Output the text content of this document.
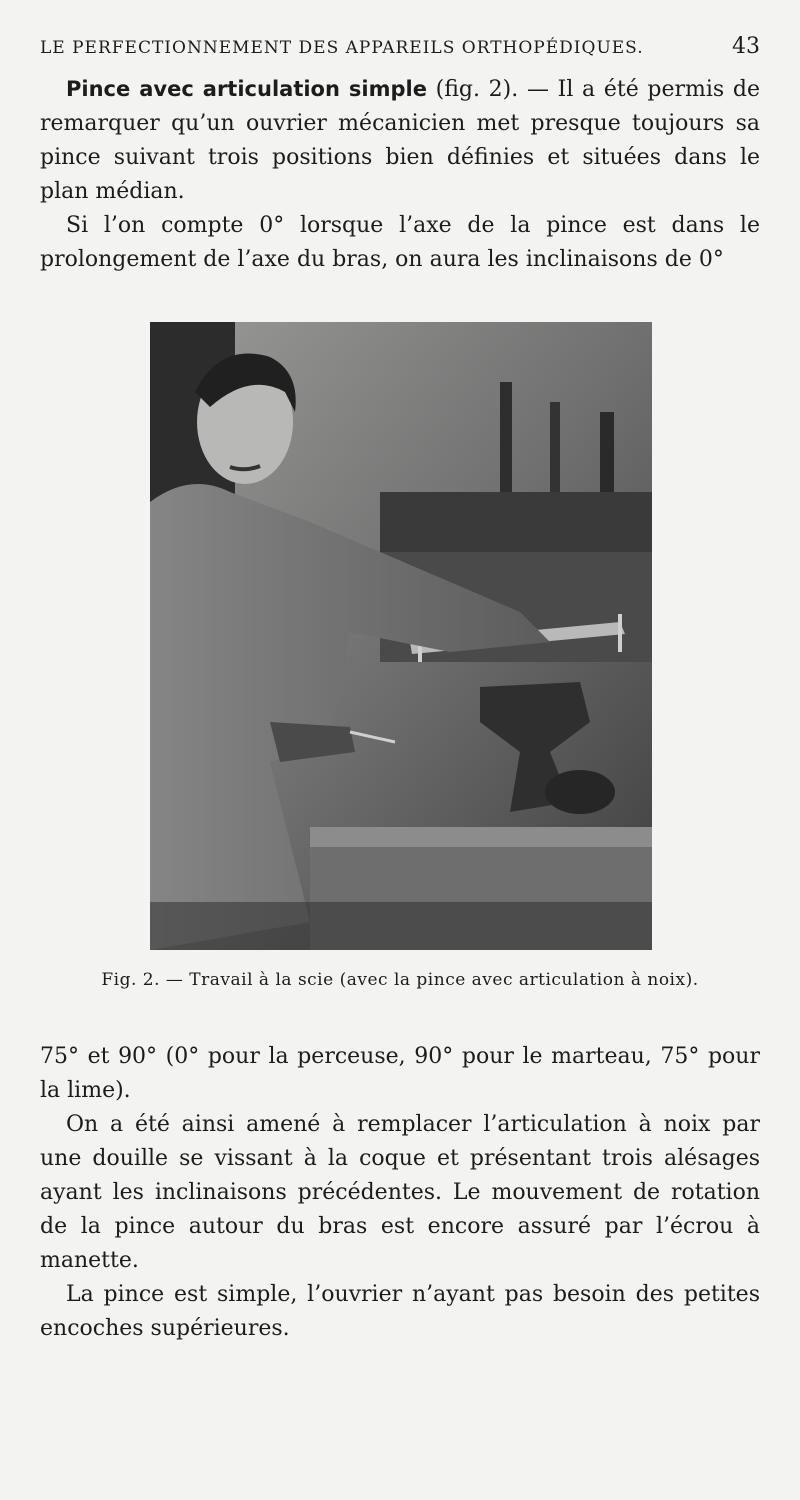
LE PERFECTIONNEMENT DES APPAREILS ORTHOPÉDIQUES.	43

Pince avec articulation simple (fig. 2). — Il a été permis de remarquer qu’un ouvrier mécanicien met presque toujours sa pince suivant trois positions bien définies et situées dans le plan médian.

Si l’on compte 0° lorsque l’axe de la pince est dans le prolongement de l’axe du bras, on aura les inclinaisons de 0°

Fig. 2. — Travail à la scie (avec la pince avec articulation à noix).

75° et 90° (0° pour la perceuse, 90° pour le marteau, 75° pour la lime).

On a été ainsi amené à remplacer l’articulation à noix par une douille se vissant à la coque et présentant trois alésages ayant les inclinaisons précédentes. Le mouvement de rotation de la pince autour du bras est encore assuré par l’écrou à manette.

La pince est simple, l’ouvrier n’ayant pas besoin des petites encoches supérieures.
